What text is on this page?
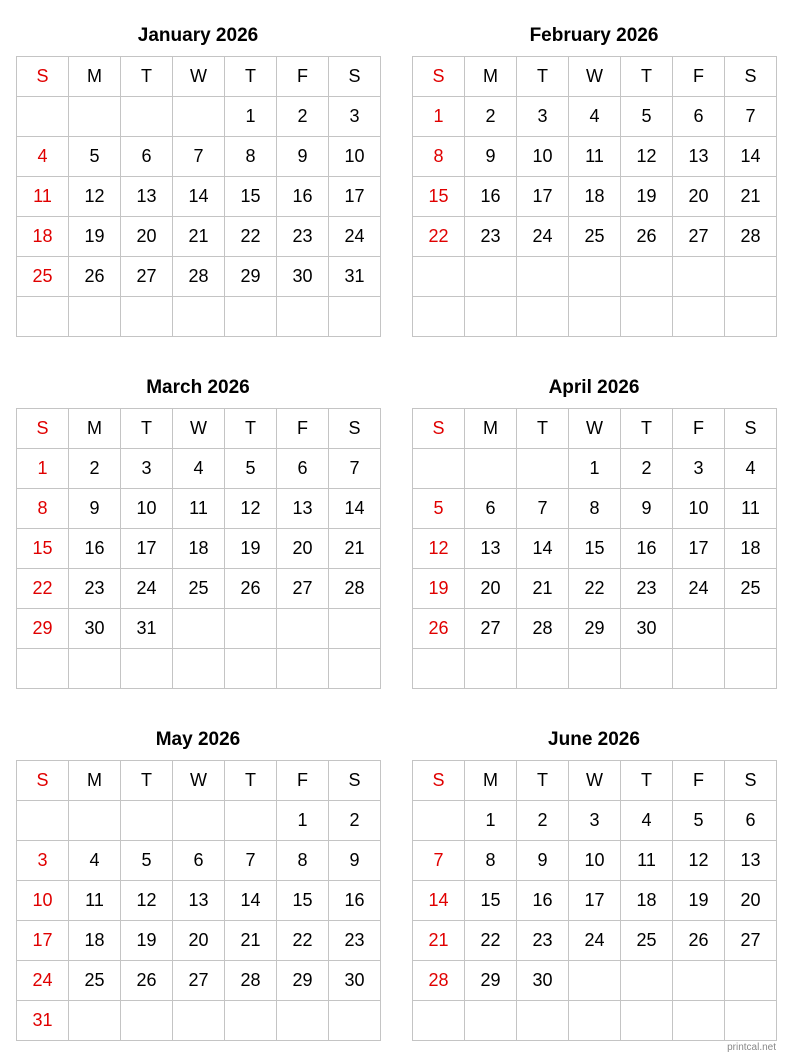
January 2026
S	M	T	W	T	F	S
				1	2	3
4	5	6	7	8	9	10
11	12	13	14	15	16	17
18	19	20	21	22	23	24
25	26	27	28	29	30	31

February 2026
S	M	T	W	T	F	S
1	2	3	4	5	6	7
8	9	10	11	12	13	14
15	16	17	18	19	20	21
22	23	24	25	26	27	28

March 2026
S	M	T	W	T	F	S
1	2	3	4	5	6	7
8	9	10	11	12	13	14
15	16	17	18	19	20	21
22	23	24	25	26	27	28
29	30	31				

April 2026
S	M	T	W	T	F	S
			1	2	3	4
5	6	7	8	9	10	11
12	13	14	15	16	17	18
19	20	21	22	23	24	25
26	27	28	29	30		

May 2026
S	M	T	W	T	F	S
					1	2
3	4	5	6	7	8	9
10	11	12	13	14	15	16
17	18	19	20	21	22	23
24	25	26	27	28	29	30
31						
June 2026
S	M	T	W	T	F	S
	1	2	3	4	5	6
7	8	9	10	11	12	13
14	15	16	17	18	19	20
21	22	23	24	25	26	27
28	29	30				

printcal.net
